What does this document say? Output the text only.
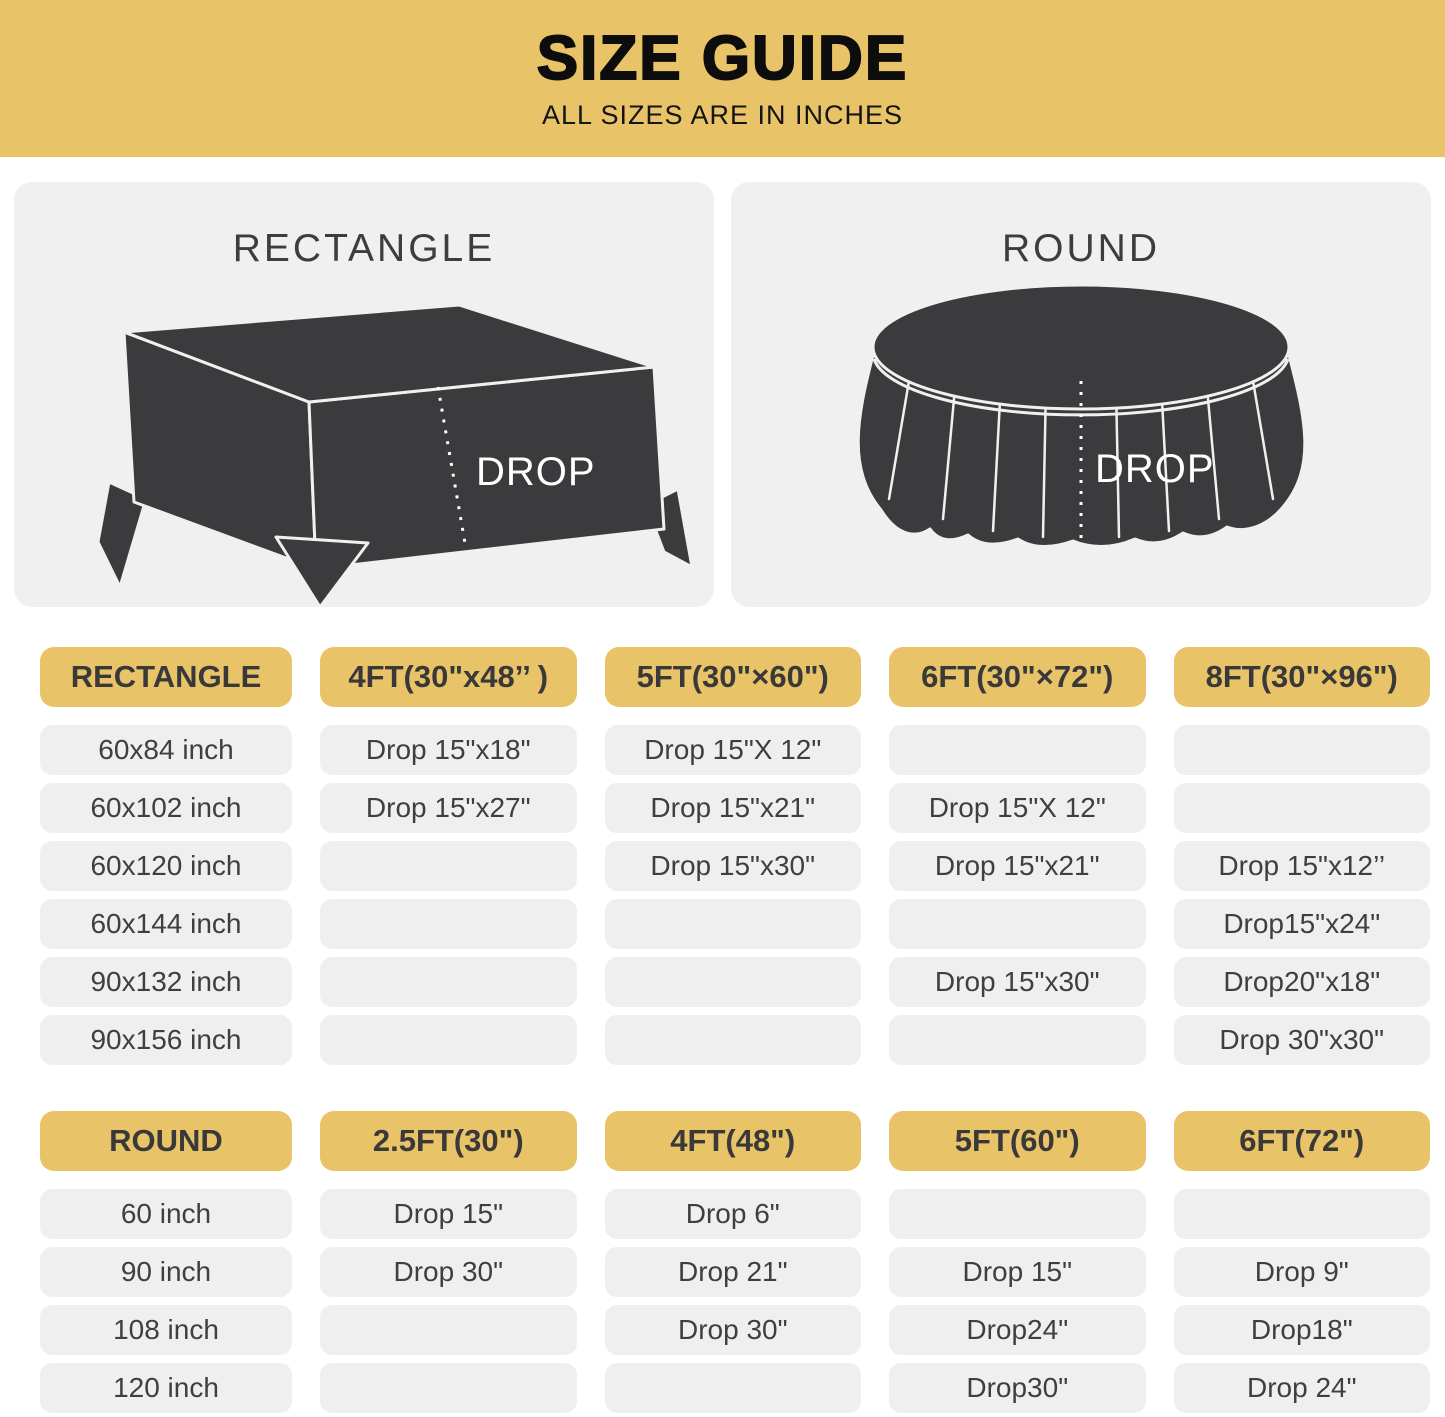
SIZE GUIDE
ALL SIZES ARE IN INCHES
RECTANGLE
DROP
ROUND
DROP
RECTANGLE
60x84 inch
60x102 inch
60x120 inch
60x144 inch
90x132 inch
90x156 inch
4FT(30"x48’’ )
Drop 15"x18"
Drop 15"x27"
5FT(30"×60")
Drop 15"X 12"
Drop 15"x21"
Drop 15"x30"
6FT(30"×72")
Drop 15"X 12"
Drop 15"x21"
Drop 15"x30"
8FT(30"×96")
Drop 15"x12’’
Drop15"x24"
Drop20"x18"
Drop 30"x30"
ROUND
60 inch
90 inch
108 inch
120 inch
2.5FT(30")
Drop 15"
Drop 30"
4FT(48")
Drop 6"
Drop 21"
Drop 30"
5FT(60")
Drop 15"
Drop24"
Drop30"
6FT(72")
Drop 9"
Drop18"
Drop 24"
